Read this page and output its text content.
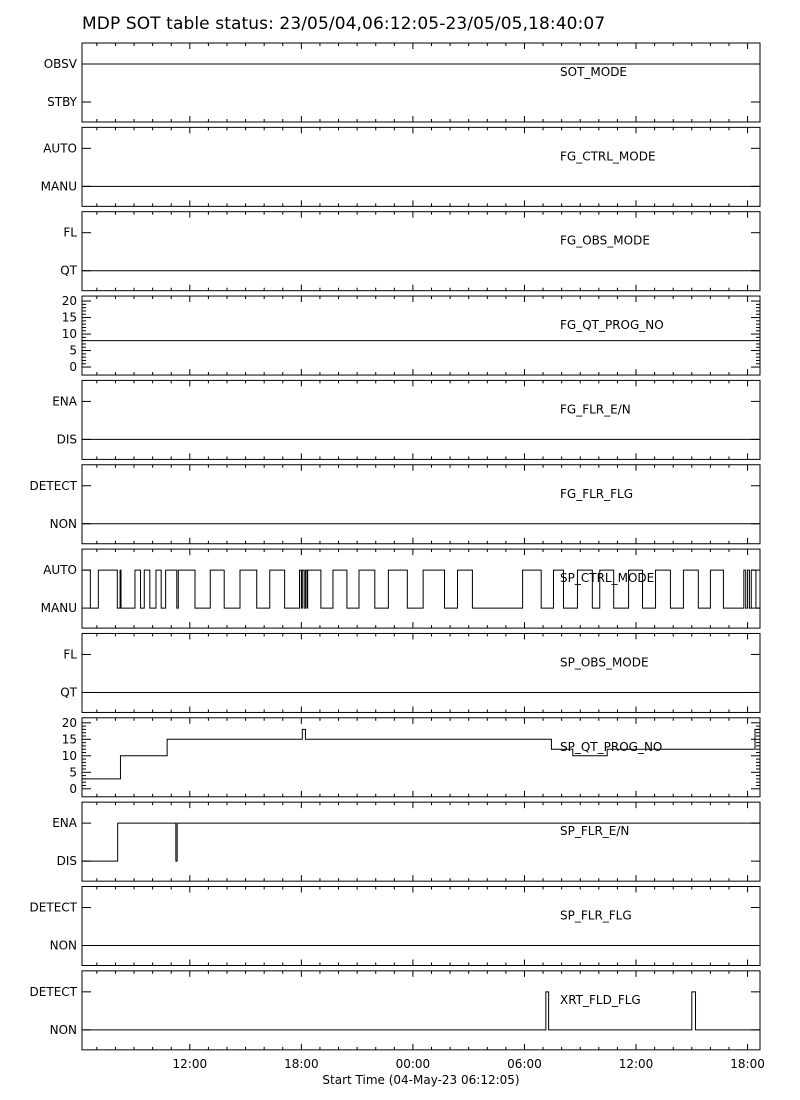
MDP SOT table status: 23/05/04,06:12:05-23/05/05,18:40:07
STBY
OBSV
SOT_MODE
MANU
AUTO
FG_CTRL_MODE
QT
FL
FG_OBS_MODE
0
5
10
15
20
FG_QT_PROG_NO
DIS
ENA
FG_FLR_E/N
NON
DETECT
FG_FLR_FLG
MANU
AUTO
SP_CTRL_MODE
QT
FL
SP_OBS_MODE
0
5
10
15
20
SP_QT_PROG_NO
DIS
ENA
SP_FLR_E/N
NON
DETECT
SP_FLR_FLG
NON
DETECT
XRT_FLD_FLG
12:00	18:00	00:00	06:00	12:00	18:00
Start Time (04-May-23 06:12:05)
